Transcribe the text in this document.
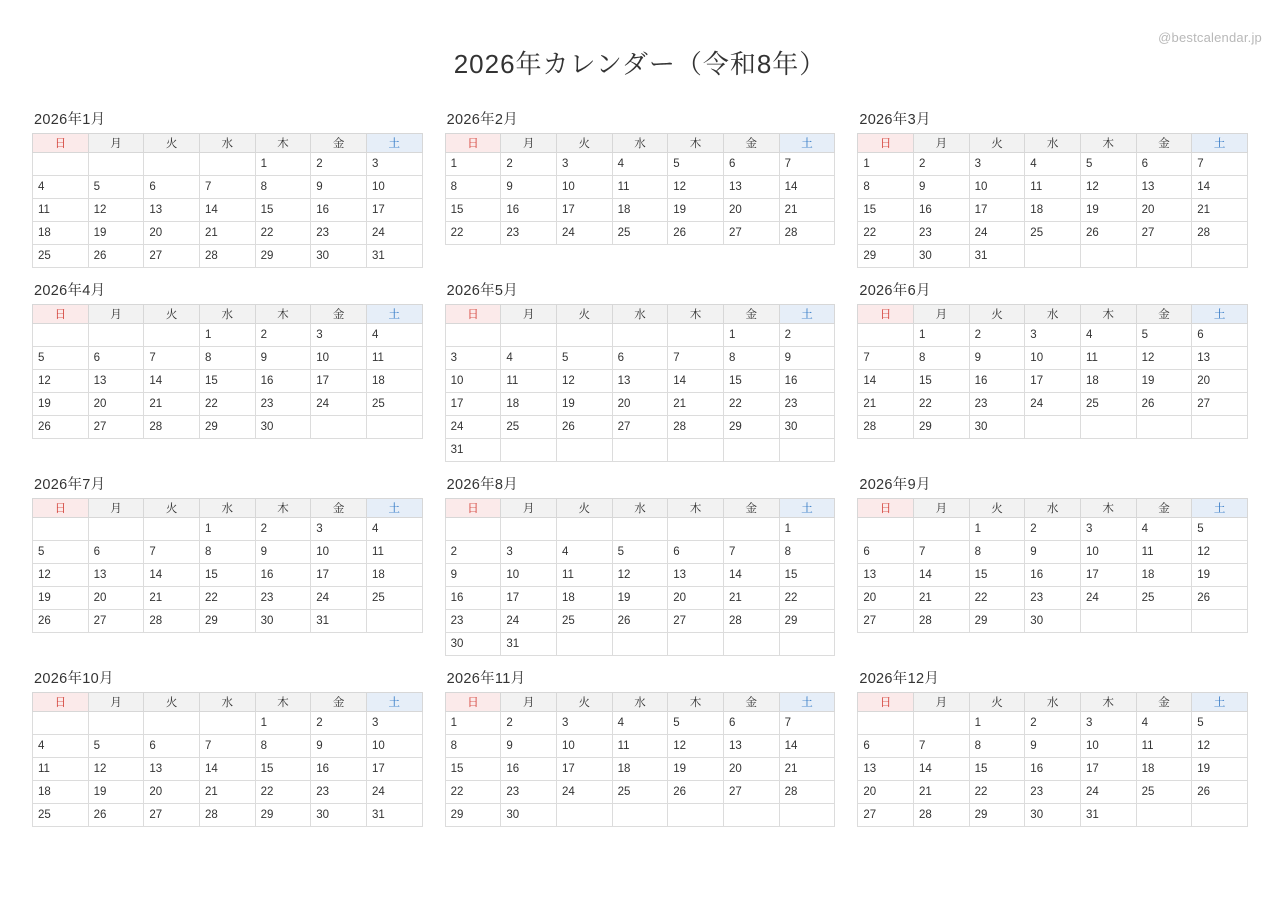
@bestcalendar.jp
2026年カレンダー（令和8年）
2026年1月
日	月	火	水	木	金	土
				1	2	3
4	5	6	7	8	9	10
11	12	13	14	15	16	17
18	19	20	21	22	23	24
25	26	27	28	29	30	31
2026年2月
日	月	火	水	木	金	土
1	2	3	4	5	6	7
8	9	10	11	12	13	14
15	16	17	18	19	20	21
22	23	24	25	26	27	28
2026年3月
日	月	火	水	木	金	土
1	2	3	4	5	6	7
8	9	10	11	12	13	14
15	16	17	18	19	20	21
22	23	24	25	26	27	28
29	30	31				
2026年4月
日	月	火	水	木	金	土
			1	2	3	4
5	6	7	8	9	10	11
12	13	14	15	16	17	18
19	20	21	22	23	24	25
26	27	28	29	30		
2026年5月
日	月	火	水	木	金	土
					1	2
3	4	5	6	7	8	9
10	11	12	13	14	15	16
17	18	19	20	21	22	23
24	25	26	27	28	29	30
31						
2026年6月
日	月	火	水	木	金	土
	1	2	3	4	5	6
7	8	9	10	11	12	13
14	15	16	17	18	19	20
21	22	23	24	25	26	27
28	29	30				
2026年7月
日	月	火	水	木	金	土
			1	2	3	4
5	6	7	8	9	10	11
12	13	14	15	16	17	18
19	20	21	22	23	24	25
26	27	28	29	30	31	
2026年8月
日	月	火	水	木	金	土
						1
2	3	4	5	6	7	8
9	10	11	12	13	14	15
16	17	18	19	20	21	22
23	24	25	26	27	28	29
30	31					
2026年9月
日	月	火	水	木	金	土
		1	2	3	4	5
6	7	8	9	10	11	12
13	14	15	16	17	18	19
20	21	22	23	24	25	26
27	28	29	30			
2026年10月
日	月	火	水	木	金	土
				1	2	3
4	5	6	7	8	9	10
11	12	13	14	15	16	17
18	19	20	21	22	23	24
25	26	27	28	29	30	31
2026年11月
日	月	火	水	木	金	土
1	2	3	4	5	6	7
8	9	10	11	12	13	14
15	16	17	18	19	20	21
22	23	24	25	26	27	28
29	30					
2026年12月
日	月	火	水	木	金	土
		1	2	3	4	5
6	7	8	9	10	11	12
13	14	15	16	17	18	19
20	21	22	23	24	25	26
27	28	29	30	31		
